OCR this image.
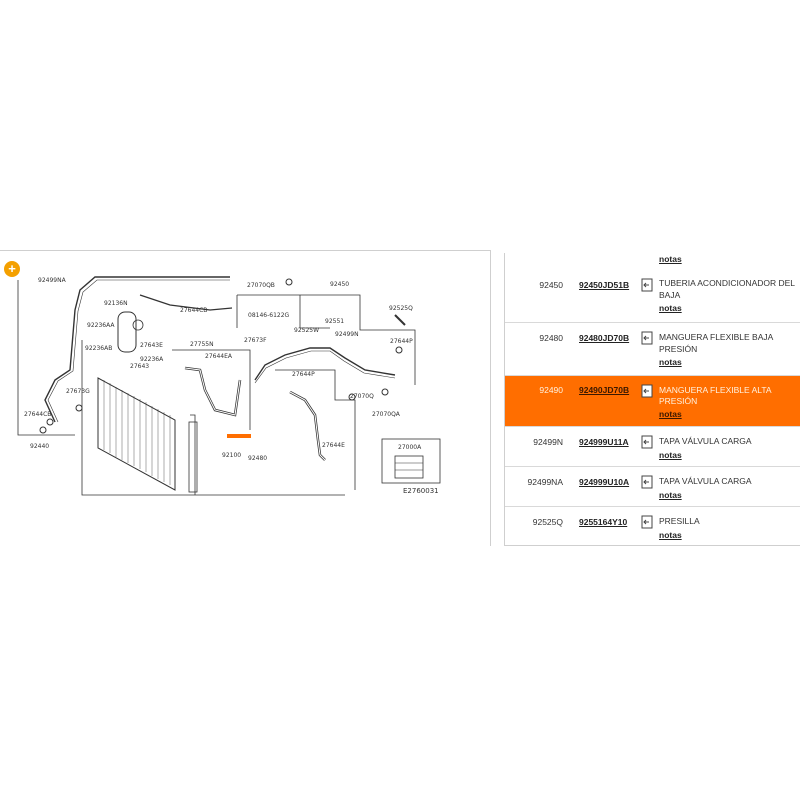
+
92499NA
92136N
92236AA
92236AB	27643E
92236A
27643
27673G
27644CB
92440
27644CB
27755N
27644EA
92100
27070QB	92450
08146-6122G
92551
92525W
92499N
27673F	27644P
27644P
27644E
92480
27070Q
27070QA
27000A
92525Q
E2760031
notas
92450 92450JD51B	TUBERIA ACONDICIONADOR DEL
BAJA
notas
92480 92480JD70B	MANGUERA FLEXIBLE BAJA
PRESIÓN
notas
92490 92490JD70B	MANGUERA FLEXIBLE ALTA
PRESIÓN
notas
92499N 924999U11A	TAPA VÁLVULA CARGA
notas
92499NA 924999U10A	TAPA VÁLVULA CARGA
notas
92525Q 9255164Y10	PRESILLA
notas
